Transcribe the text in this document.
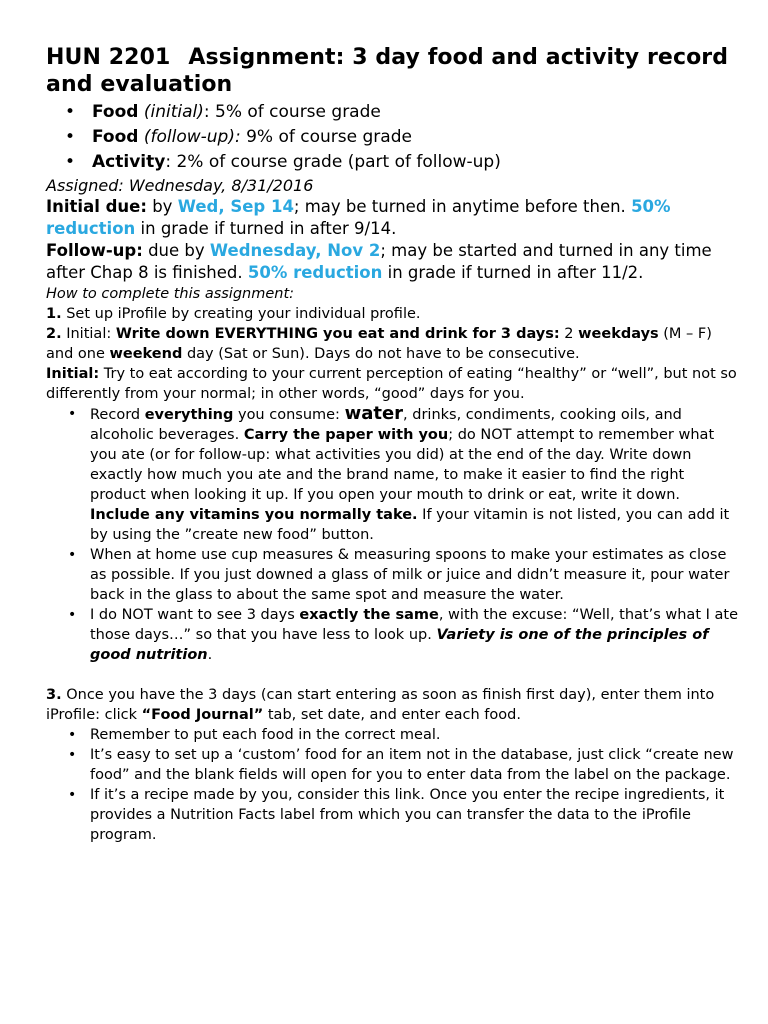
HUN 2201 Assignment: 3 day food and activity record and evaluation
• Food (initial): 5% of course grade
• Food (follow-up): 9% of course grade
• Activity: 2% of course grade (part of follow-up)
Assigned: Wednesday, 8/31/2016

Initial due: by Wed, Sep 14; may be turned in anytime before then. 50% reduction in grade if turned in after 9/14.

Follow-up: due by Wednesday, Nov 2; may be started and turned in any time after Chap 8 is finished. 50% reduction in grade if turned in after 11/2.

How to complete this assignment:

1. Set up iProfile by creating your individual profile.

2. Initial: Write down EVERYTHING you eat and drink for 3 days: 2 weekdays (M – F) and one weekend day (Sat or Sun). Days do not have to be consecutive.

Initial: Try to eat according to your current perception of eating “healthy” or “well”, but not so differently from your normal; in other words, “good” days for you.

• Record everything you consume: water, drinks, condiments, cooking oils, and alcoholic beverages. Carry the paper with you; do NOT attempt to remember what you ate (or for follow-up: what activities you did) at the end of the day. Write down exactly how much you ate and the brand name, to make it easier to find the right product when looking it up. If you open your mouth to drink or eat, write it down. Include any vitamins you normally take. If your vitamin is not listed, you can add it by using the ”create new food” button.
• When at home use cup measures & measuring spoons to make your estimates as close as possible. If you just downed a glass of milk or juice and didn’t measure it, pour water back in the glass to about the same spot and measure the water.
• I do NOT want to see 3 days exactly the same, with the excuse: “Well, that’s what I ate those days…” so that you have less to look up. Variety is one of the principles of good nutrition.

3. Once you have the 3 days (can start entering as soon as finish first day), enter them into iProfile: click “Food Journal” tab, set date, and enter each food.

• Remember to put each food in the correct meal.
• It’s easy to set up a ‘custom’ food for an item not in the database, just click “create new food” and the blank fields will open for you to enter data from the label on the package.
• If it’s a recipe made by you, consider this link. Once you enter the recipe ingredients, it provides a Nutrition Facts label from which you can transfer the data to the iProfile program.
